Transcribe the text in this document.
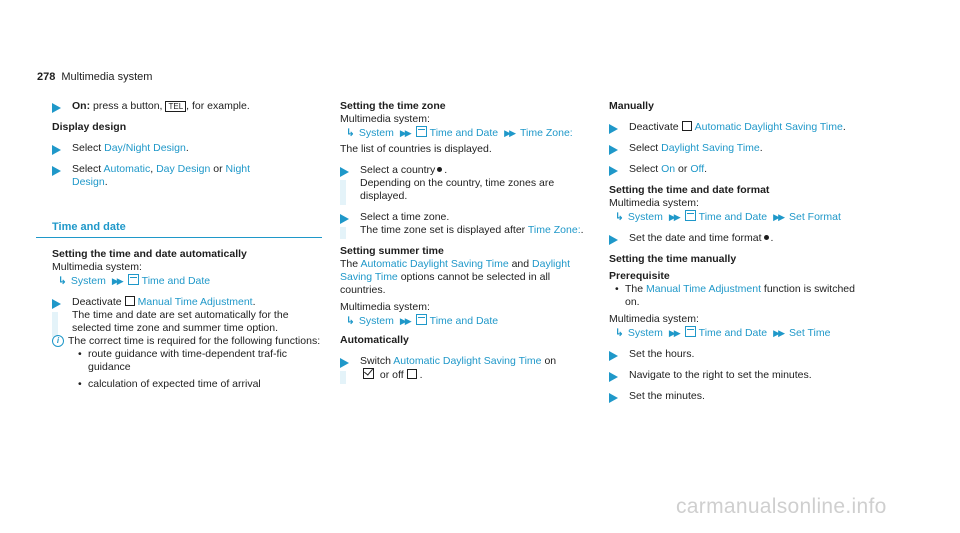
278 Multimedia system
On: press a button, TEL , for example.
Display design
Select Day/Night Design.
Select Automatic, Day Design or Night
Design.
Time and date
Setting the time and date automatically
Multimedia system:
↳ System ▶▶ Time and Date
Deactivate Manual Time Adjustment.
The time and date are set automatically for the selected time zone and summer time option.
i The correct time is required for the following functions:
• route guidance with time-dependent traf-fic guidance
• calculation of expected time of arrival
Setting the time zone
Multimedia system:
↳ System ▶▶ Time and Date ▶▶ Time Zone:
The list of countries is displayed.
Select a country .
Depending on the country, time zones are displayed.
Select a time zone.
The time zone set is displayed after Time Zone:.
Setting summer time
The Automatic Daylight Saving Time and Daylight Saving Time options cannot be selected in all countries.
Multimedia system:
↳ System ▶▶ Time and Date
Automatically
Switch Automatic Daylight Saving Time on
or off .
Manually
Deactivate Automatic Daylight Saving Time.
Select Daylight Saving Time.
Select On or Off.
Setting the time and date format
Multimedia system:
↳ System ▶▶ Time and Date ▶▶ Set Format
Set the date and time format .
Setting the time manually
Prerequisite
• The Manual Time Adjustment function is switched on.
Multimedia system:
↳ System ▶▶ Time and Date ▶▶ Set Time
Set the hours.
Navigate to the right to set the minutes.
Set the minutes.
carmanualsonline.info
